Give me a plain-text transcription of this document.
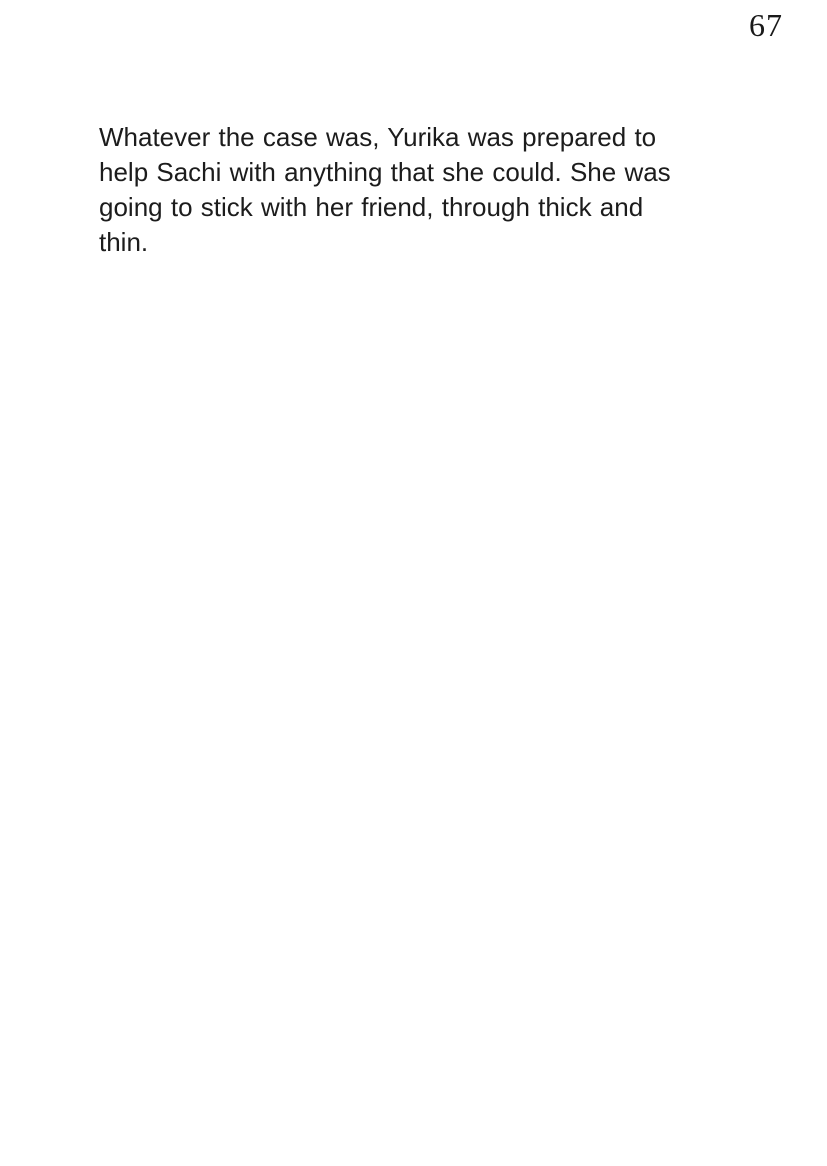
67

Whatever the case was, Yurika was prepared to help Sachi with anything that she could. She was going to stick with her friend, through thick and thin.
